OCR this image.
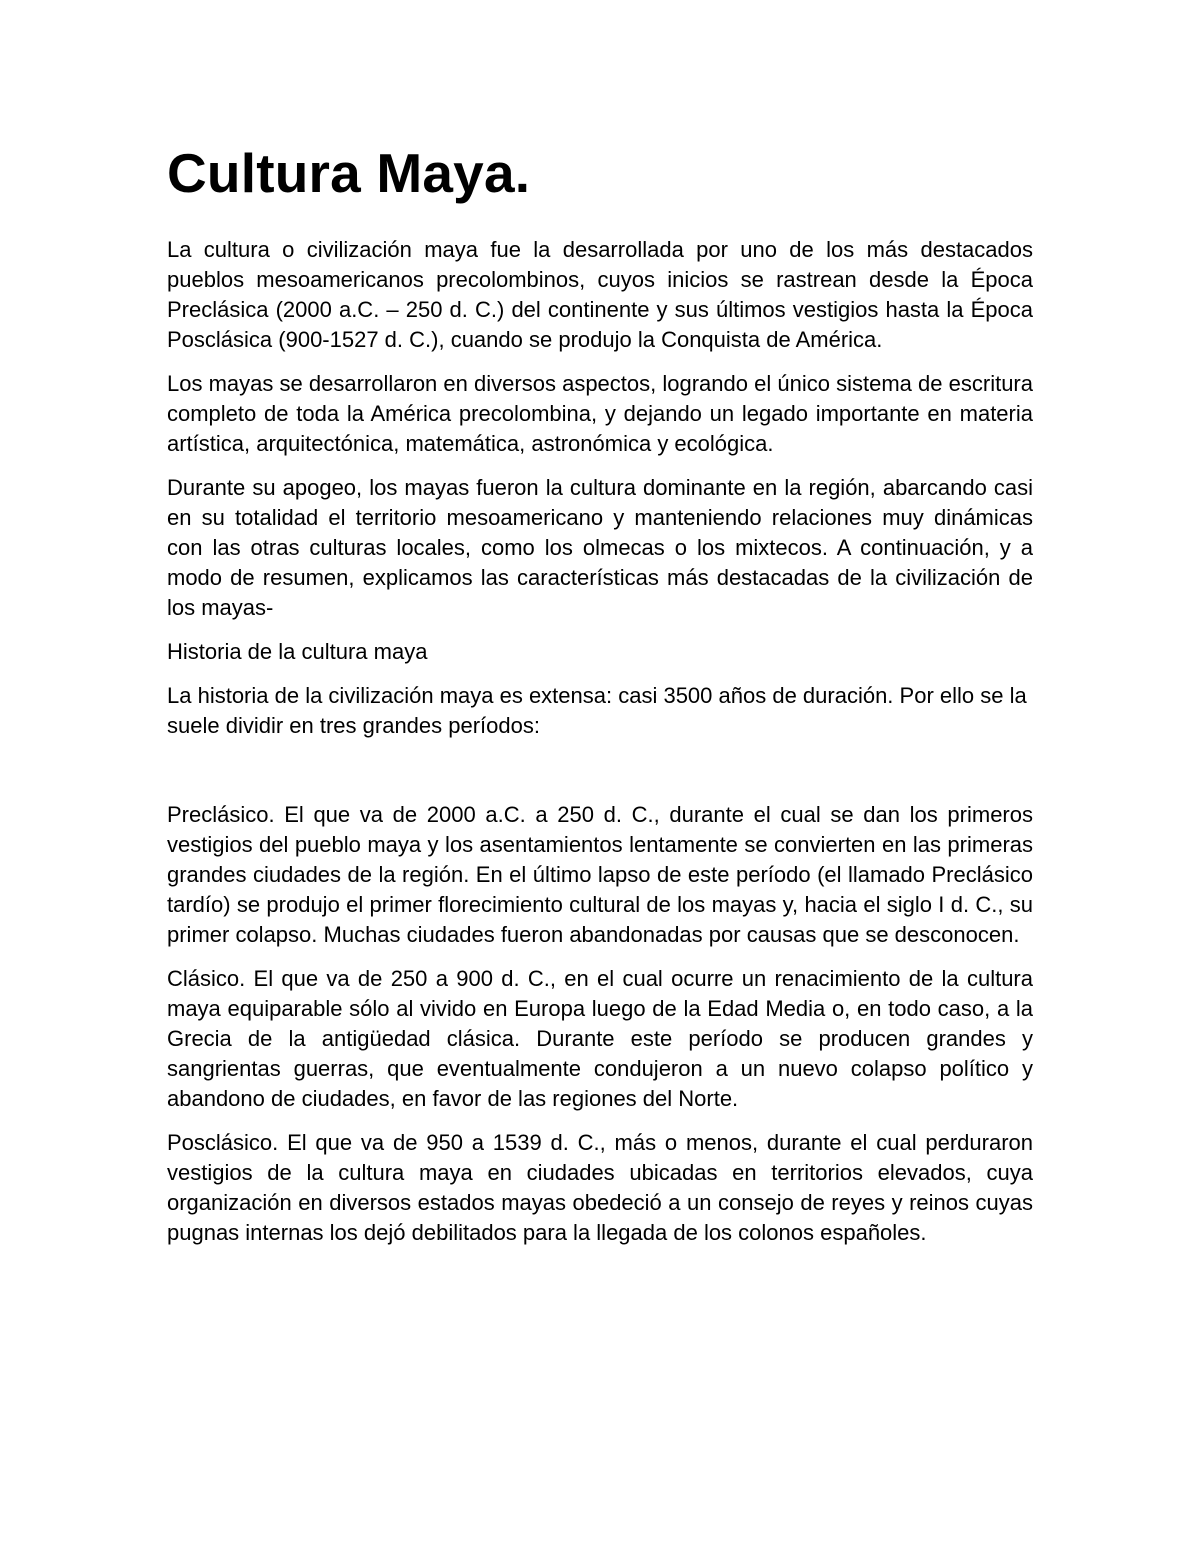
Cultura Maya.

La cultura o civilización maya fue la desarrollada por uno de los más destacados pueblos mesoamericanos precolombinos, cuyos inicios se rastrean desde la Época Preclásica (2000 a.C. – 250 d. C.) del continente y sus últimos vestigios hasta la Época Posclásica (900-1527 d. C.), cuando se produjo la Conquista de América.

Los mayas se desarrollaron en diversos aspectos, logrando el único sistema de escritura completo de toda la América precolombina, y dejando un legado importante en materia artística, arquitectónica, matemática, astronómica y ecológica.

Durante su apogeo, los mayas fueron la cultura dominante en la región, abarcando casi en su totalidad el territorio mesoamericano y manteniendo relaciones muy dinámicas con las otras culturas locales, como los olmecas o los mixtecos. A continuación, y a modo de resumen, explicamos las características más destacadas de la civilización de los mayas-

Historia de la cultura maya

La historia de la civilización maya es extensa: casi 3500 años de duración. Por ello se la suele dividir en tres grandes períodos:

Preclásico. El que va de 2000 a.C. a 250 d. C., durante el cual se dan los primeros vestigios del pueblo maya y los asentamientos lentamente se convierten en las primeras grandes ciudades de la región. En el último lapso de este período (el llamado Preclásico tardío) se produjo el primer florecimiento cultural de los mayas y, hacia el siglo I d. C., su primer colapso. Muchas ciudades fueron abandonadas por causas que se desconocen.

Clásico. El que va de 250 a 900 d. C., en el cual ocurre un renacimiento de la cultura maya equiparable sólo al vivido en Europa luego de la Edad Media o, en todo caso, a la Grecia de la antigüedad clásica. Durante este período se producen grandes y sangrientas guerras, que eventualmente condujeron a un nuevo colapso político y abandono de ciudades, en favor de las regiones del Norte.

Posclásico. El que va de 950 a 1539 d. C., más o menos, durante el cual perduraron vestigios de la cultura maya en ciudades ubicadas en territorios elevados, cuya organización en diversos estados mayas obedeció a un consejo de reyes y reinos cuyas pugnas internas los dejó debilitados para la llegada de los colonos españoles.
